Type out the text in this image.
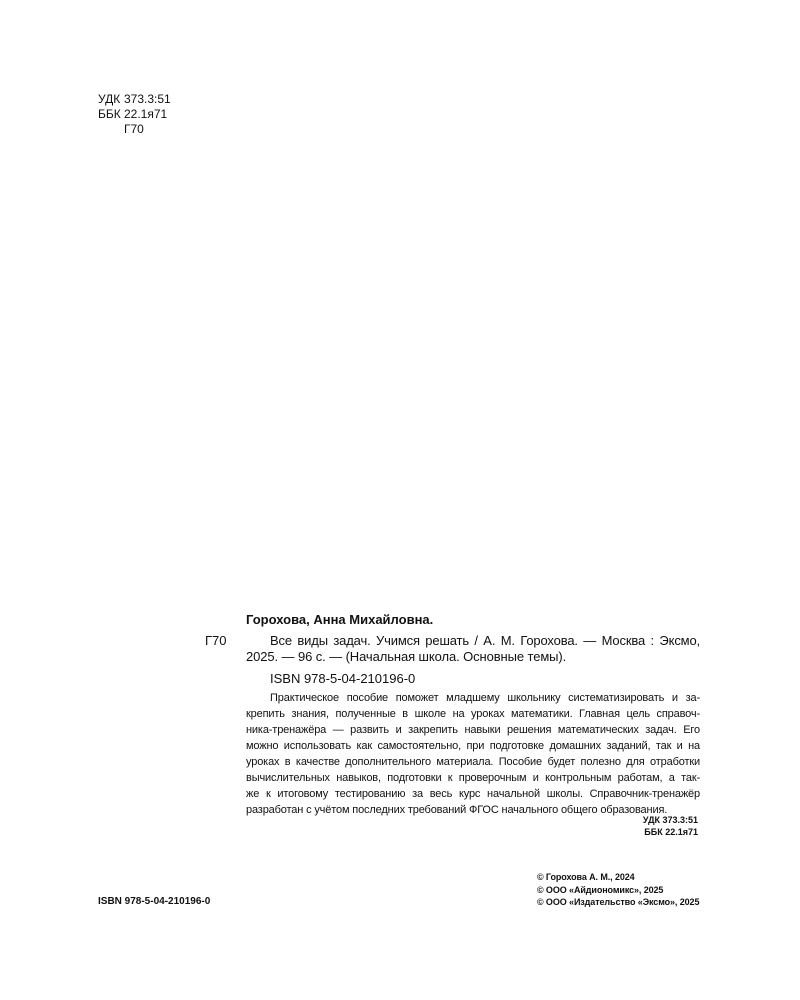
УДК 373.3:51
ББК 22.1я71
Г70
Горохова, Анна Михайловна.
Г70	Все виды задач. Учимся решать / А. М. Горохова. — Москва : Эксмо,
2025. — 96 с. — (Начальная школа. Основные темы).
ISBN 978-5-04-210196-0
Практическое пособие поможет младшему школьнику систематизировать и за-
крепить знания, полученные в школе на уроках математики. Главная цель справоч-
ника-тренажёра — развить и закрепить навыки решения математических задач. Его
можно использовать как самостоятельно, при подготовке домашних заданий, так и на
уроках в качестве дополнительного материала. Пособие будет полезно для отработки
вычислительных навыков, подготовки к проверочным и контрольным работам, а так-
же к итоговому тестированию за весь курс начальной школы. Справочник-тренажёр
разработан с учётом последних требований ФГОС начального общего образования.
УДК 373.3:51
ББК 22.1я71
ISBN 978-5-04-210196-0
© Горохова А. М., 2024
© ООО «Айдиономикс», 2025
© ООО «Издательство «Эксмо», 2025
